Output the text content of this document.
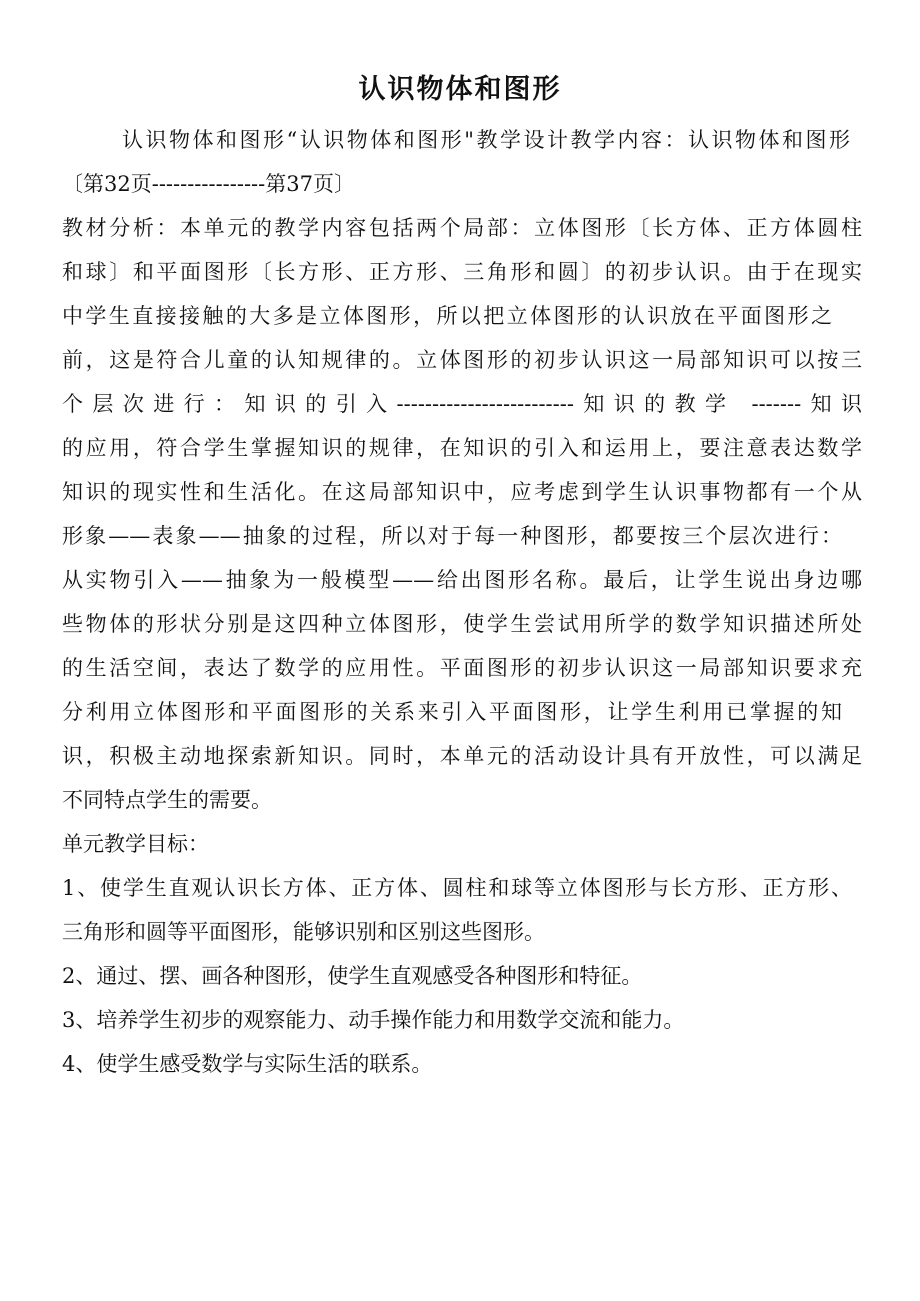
认识物体和图形
认识物体和图形“认识物体和图形"教学设计教学内容：认识物体和图形
〔第32页----------------第37页〕
教材分析：本单元的教学内容包括两个局部：立体图形〔长方体、正方体圆柱
和球〕和平面图形〔长方形、正方形、三角形和圆〕的初步认识。由于在现实
中学生直接接触的大多是立体图形，所以把立体图形的认识放在平面图形之
前，这是符合儿童的认知规律的。立体图形的初步认识这一局部知识可以按三
个层次进行：知识的引入-------------------------知识的教学 -------知识
的应用，符合学生掌握知识的规律，在知识的引入和运用上，要注意表达数学
知识的现实性和生活化。在这局部知识中，应考虑到学生认识事物都有一个从
形象——表象——抽象的过程，所以对于每一种图形，都要按三个层次进行：
从实物引入——抽象为一般模型——给出图形名称。最后，让学生说出身边哪
些物体的形状分别是这四种立体图形，使学生尝试用所学的数学知识描述所处
的生活空间，表达了数学的应用性。平面图形的初步认识这一局部知识要求充
分利用立体图形和平面图形的关系来引入平面图形，让学生利用已掌握的知
识，积极主动地探索新知识。同时，本单元的活动设计具有开放性，可以满足
不同特点学生的需要。
单元教学目标：
1、使学生直观认识长方体、正方体、圆柱和球等立体图形与长方形、正方形、
三角形和圆等平面图形，能够识别和区别这些图形。
2、通过、摆、画各种图形，使学生直观感受各种图形和特征。
3、培养学生初步的观察能力、动手操作能力和用数学交流和能力。
4、使学生感受数学与实际生活的联系。
